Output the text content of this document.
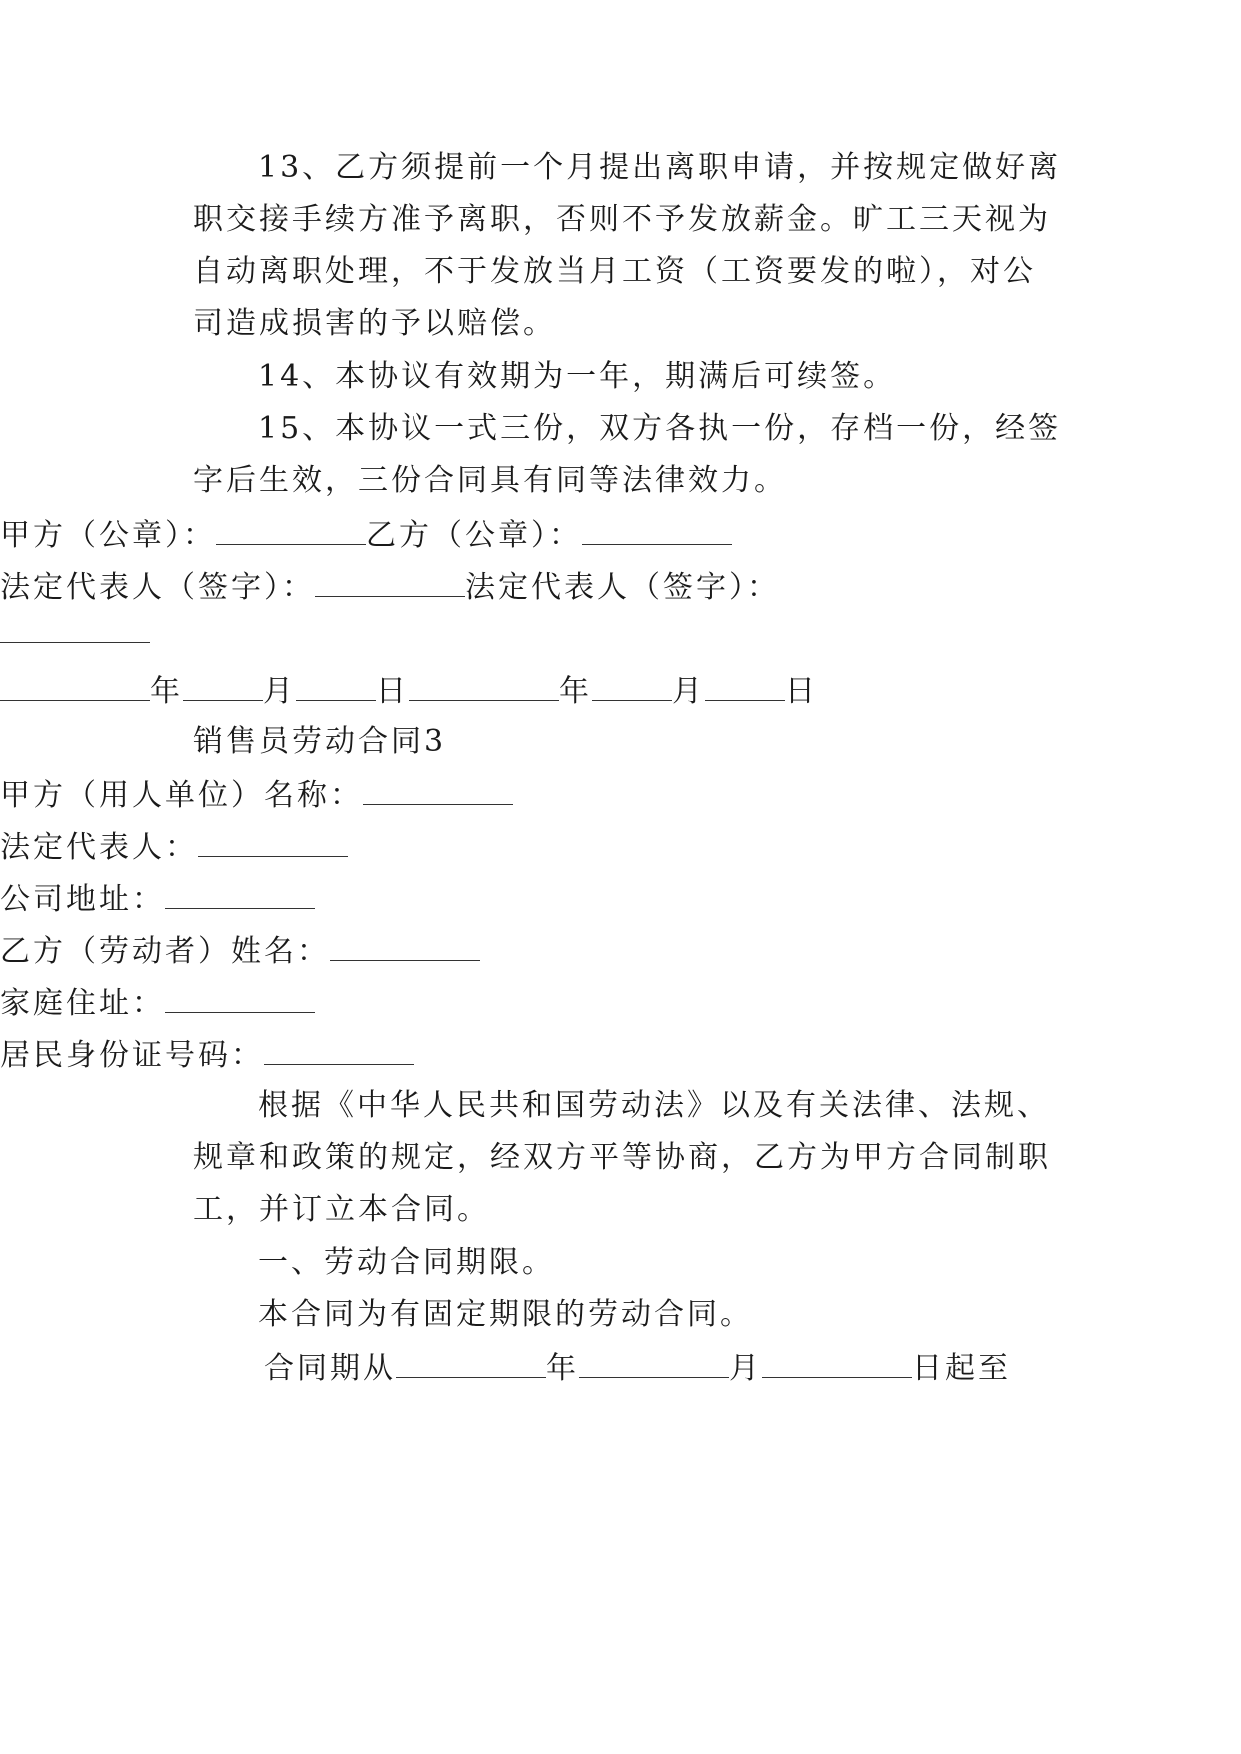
13、乙方须提前一个月提出离职申请，并按规定做好离
职交接手续方准予离职，否则不予发放薪金。旷工三天视为
自动离职处理，不于发放当月工资（工资要发的啦），对公
司造成损害的予以赔偿。
14、本协议有效期为一年，期满后可续签。
15、本协议一式三份，双方各执一份，存档一份，经签
字后生效，三份合同具有同等法律效力。
甲方（公章）：	乙方（公章）：
法定代表人（签字）：	法定代表人（签字）：
年	月	日	年	月	日
销售员劳动合同3
甲方（用人单位）名称：
法定代表人：
公司地址：
乙方（劳动者）姓名：
家庭住址：
居民身份证号码：
根据《中华人民共和国劳动法》以及有关法律、法规、
规章和政策的规定，经双方平等协商，乙方为甲方合同制职
工，并订立本合同。
一、劳动合同期限。
本合同为有固定期限的劳动合同。
合同期从	年	月	日起至
